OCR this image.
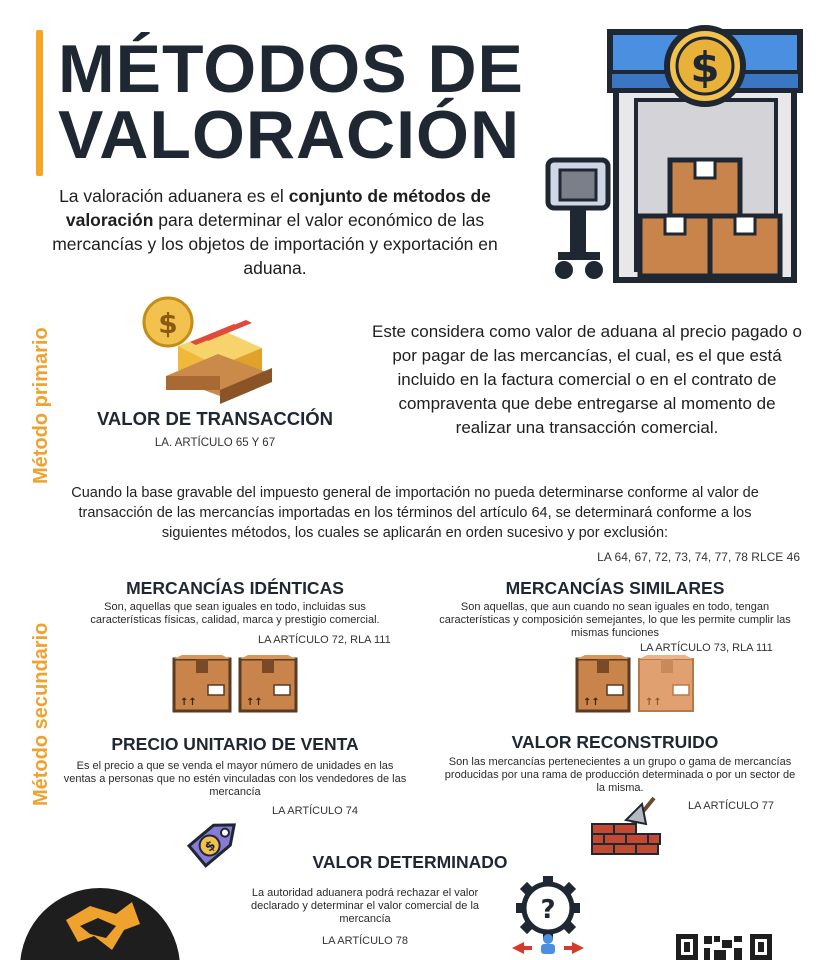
MÉTODOS DE
VALORACIÓN
La valoración aduanera es el conjunto de métodos de valoración para determinar el valor económico de las mercancías y los objetos de importación y exportación en aduana.
$
Método primario
Método secundario
$
VALOR DE TRANSACCIÓN
LA. ARTÍCULO 65 Y 67
Este considera como valor de aduana al precio pagado o por pagar de las mercancías, el cual, es el que está incluido en la factura comercial o en el contrato de compraventa que debe entregarse al momento de realizar una transacción comercial.
Cuando la base gravable del impuesto general de importación no pueda determinarse conforme al valor de transacción de las mercancías importadas en los términos del artículo 64, se determinará conforme a los siguientes métodos, los cuales se aplicarán en orden sucesivo y por exclusión:
LA 64, 67, 72, 73, 74, 77, 78 RLCE 46
MERCANCÍAS IDÉNTICAS
Son, aquellas que sean iguales en todo, incluidas sus características físicas, calidad, marca y prestigio comercial.
LA ARTÍCULO 72, RLA 111
↑↑	↑↑
MERCANCÍAS SIMILARES
Son aquellas, que aun cuando no sean iguales en todo, tengan características y composición semejantes, lo que les permite cumplir las mismas funciones
LA ARTÍCULO 73, RLA 111
↑↑	↑↑
PRECIO UNITARIO DE VENTA
Es el precio a que se venda el mayor número de unidades en las ventas a personas que no estén vinculadas con los vendedores de las mercancía
LA ARTÍCULO 74
$
VALOR RECONSTRUIDO
Son las mercancías pertenecientes a un grupo o gama de mercancías producidas por una rama de producción determinada o por un sector de la misma.
LA ARTÍCULO 77
VALOR DETERMINADO
La autoridad aduanera podrá rechazar el valor declarado y determinar el valor comercial de la mercancía
LA ARTÍCULO 78
?
